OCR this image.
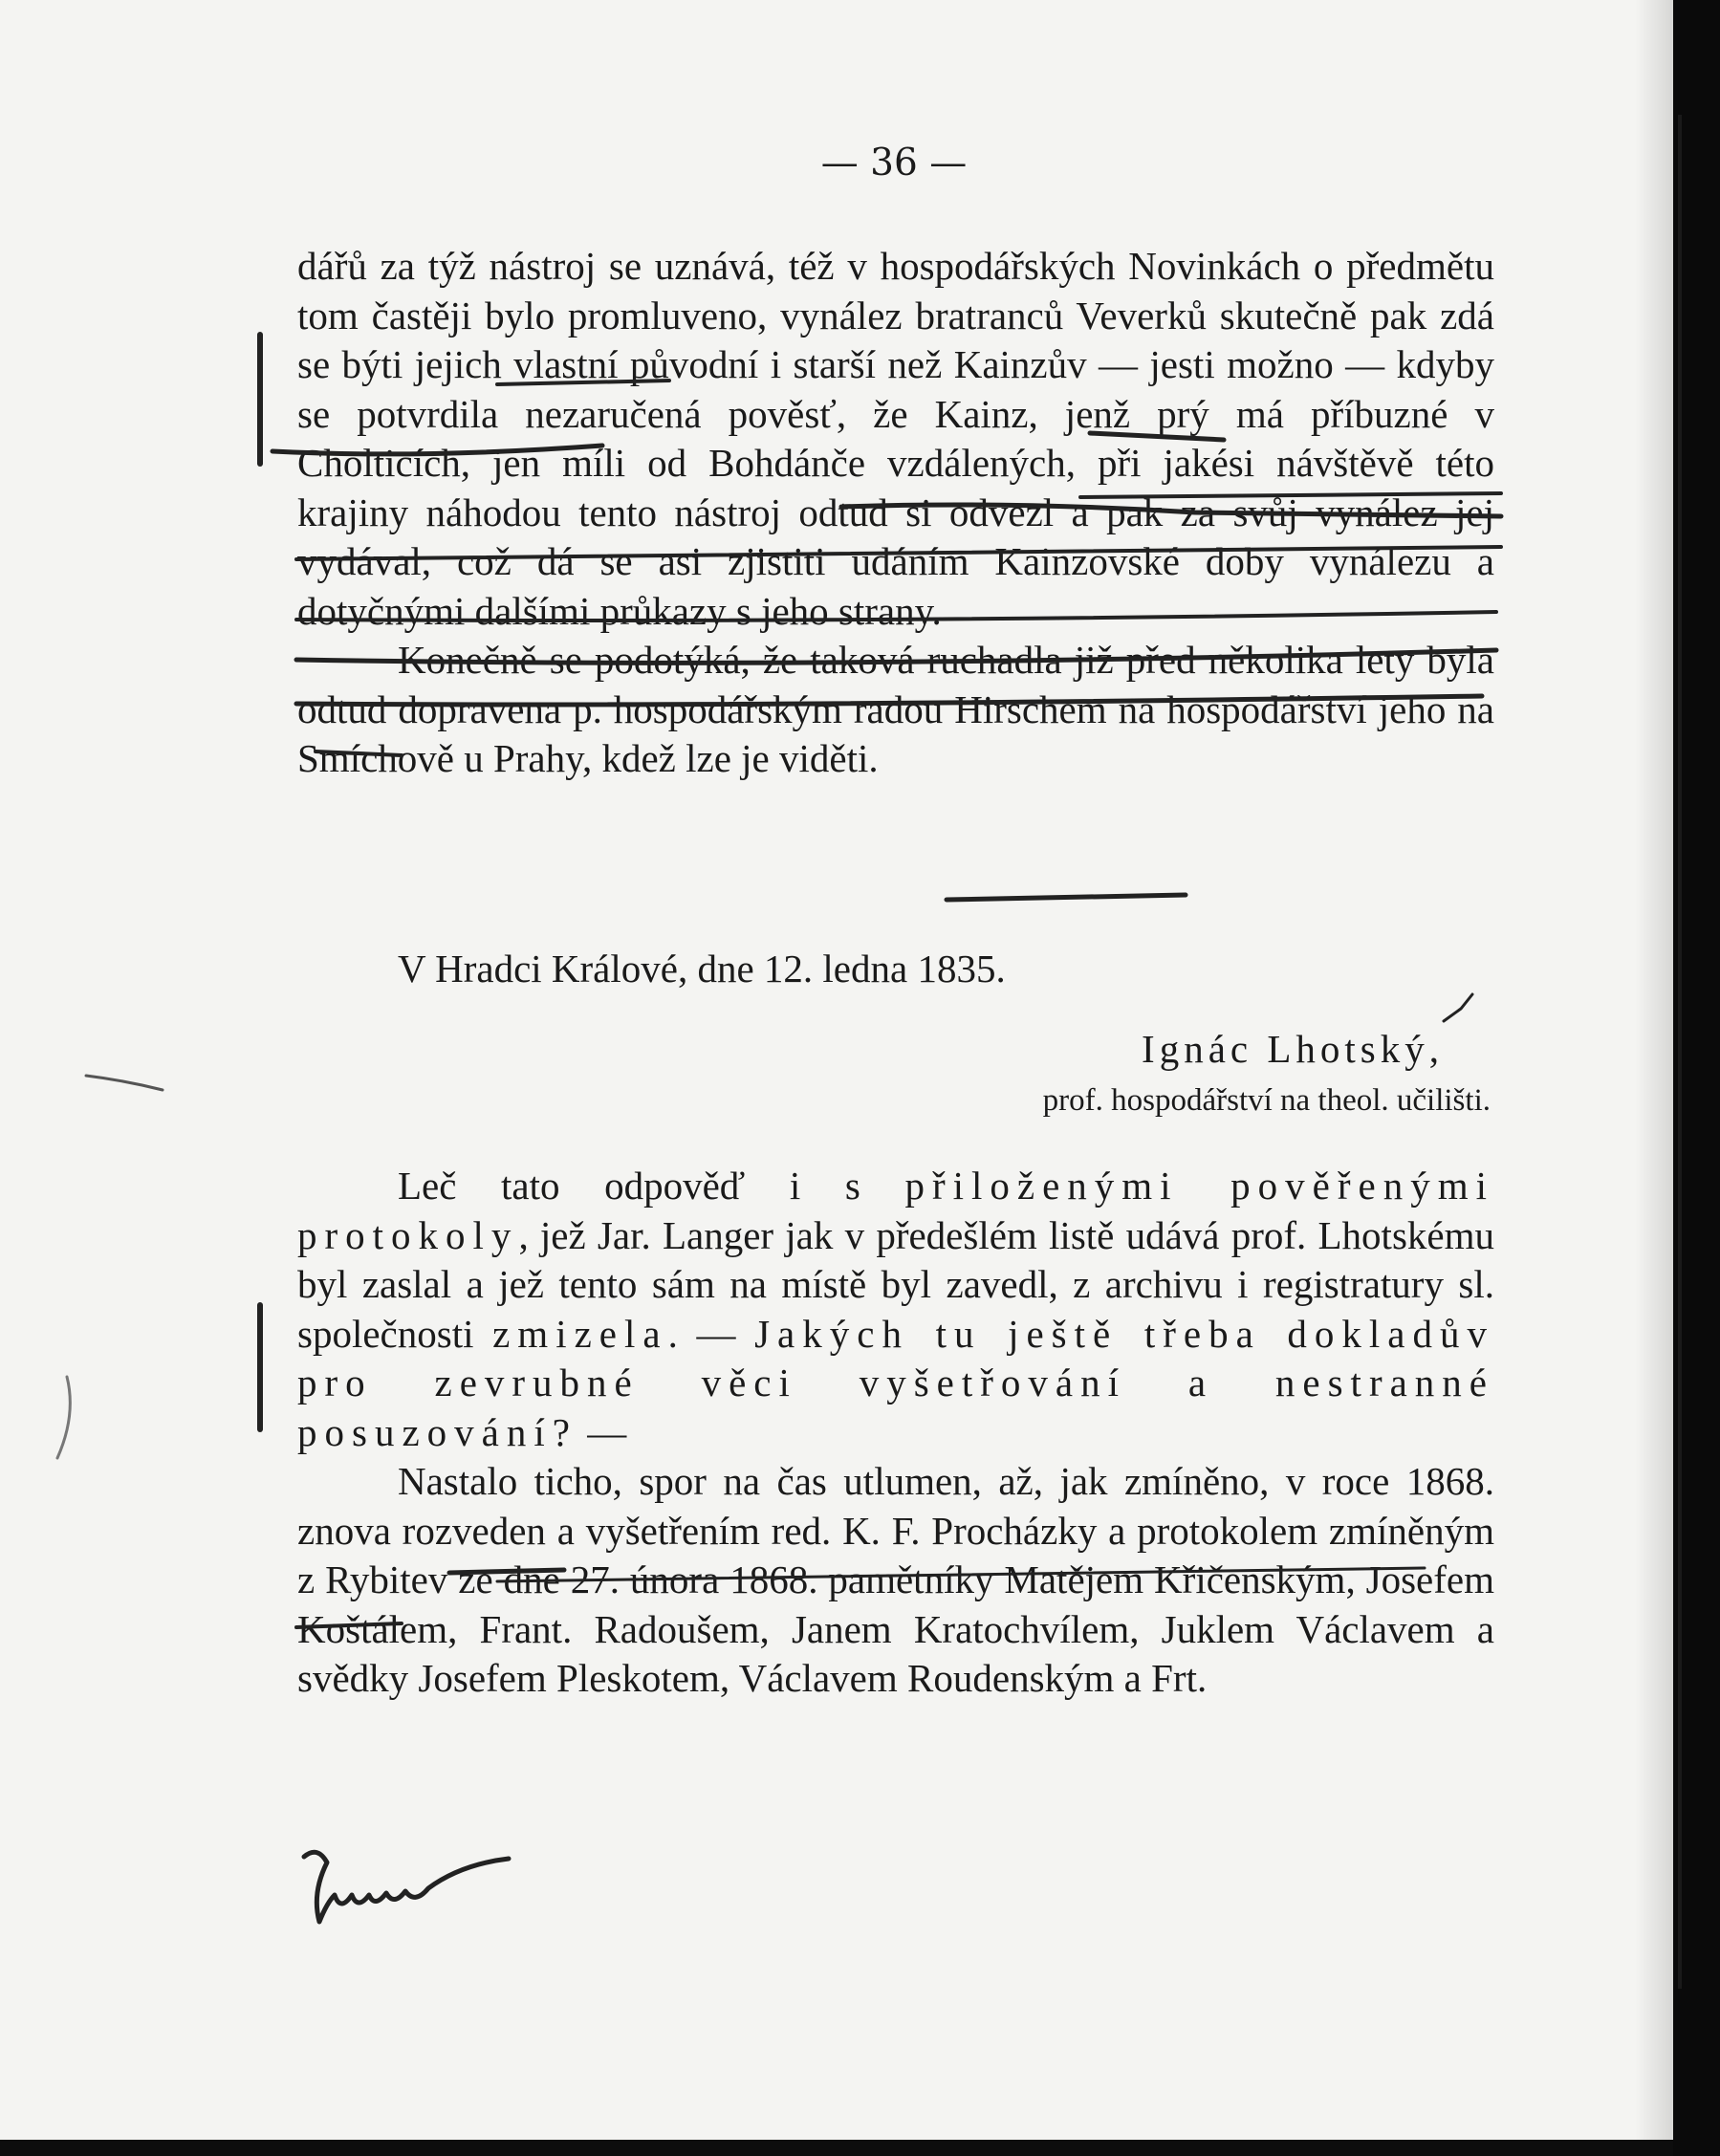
— 36 —

dářů za týž nástroj se uznává, též v hospodářských Novinkách o předmětu tom častěji bylo promluveno, vynález bratranců Veverků skutečně pak zdá se býti jejich vlastní původní i starší než Kainzův — jesti možno — kdyby se potvrdila nezaručená pověsť, že Kainz, jenž prý má příbuzné v Cholticích, jen míli od Bohdánče vzdálených, při jakési návštěvě této krajiny náhodou tento nástroj odtud si odvezl a pak za svůj vynález jej vydával, což dá se asi zjistiti udáním Kainzovské doby vynálezu a dotyčnými dalšími průkazy s jeho strany.

Konečně se podotýká, že taková ruchadla již před několika lety byla odtud dopravena p. hospodářským radou Hirschem na hospodářství jeho na Smíchově u Prahy, kdež lze je viděti.

V Hradci Králové, dne 12. ledna 1835.
Ignác Lhotský,
prof. hospodářství na theol. učilišti.

Leč tato odpověď i s přiloženými pověřenými protokoly, jež Jar. Langer jak v předešlém listě udává prof. Lhotskému byl zaslal a jež tento sám na místě byl zavedl, z archivu i registratury sl. společnosti zmizela. — Jakých tu ještě třeba dokladův pro zevrubné věci vyšetřování a nestranné posuzování? —

Nastalo ticho, spor na čas utlumen, až, jak zmíněno, v roce 1868. znova rozveden a vyšetřením red. K. F. Procházky a protokolem zmíněným z Rybitev ze dne 27. února 1868. pamětníky Matějem Křičenským, Josefem Koštálem, Frant. Radoušem, Janem Kratochvílem, Juklem Václavem a svědky Josefem Pleskotem, Václavem Roudenským a Frt.
